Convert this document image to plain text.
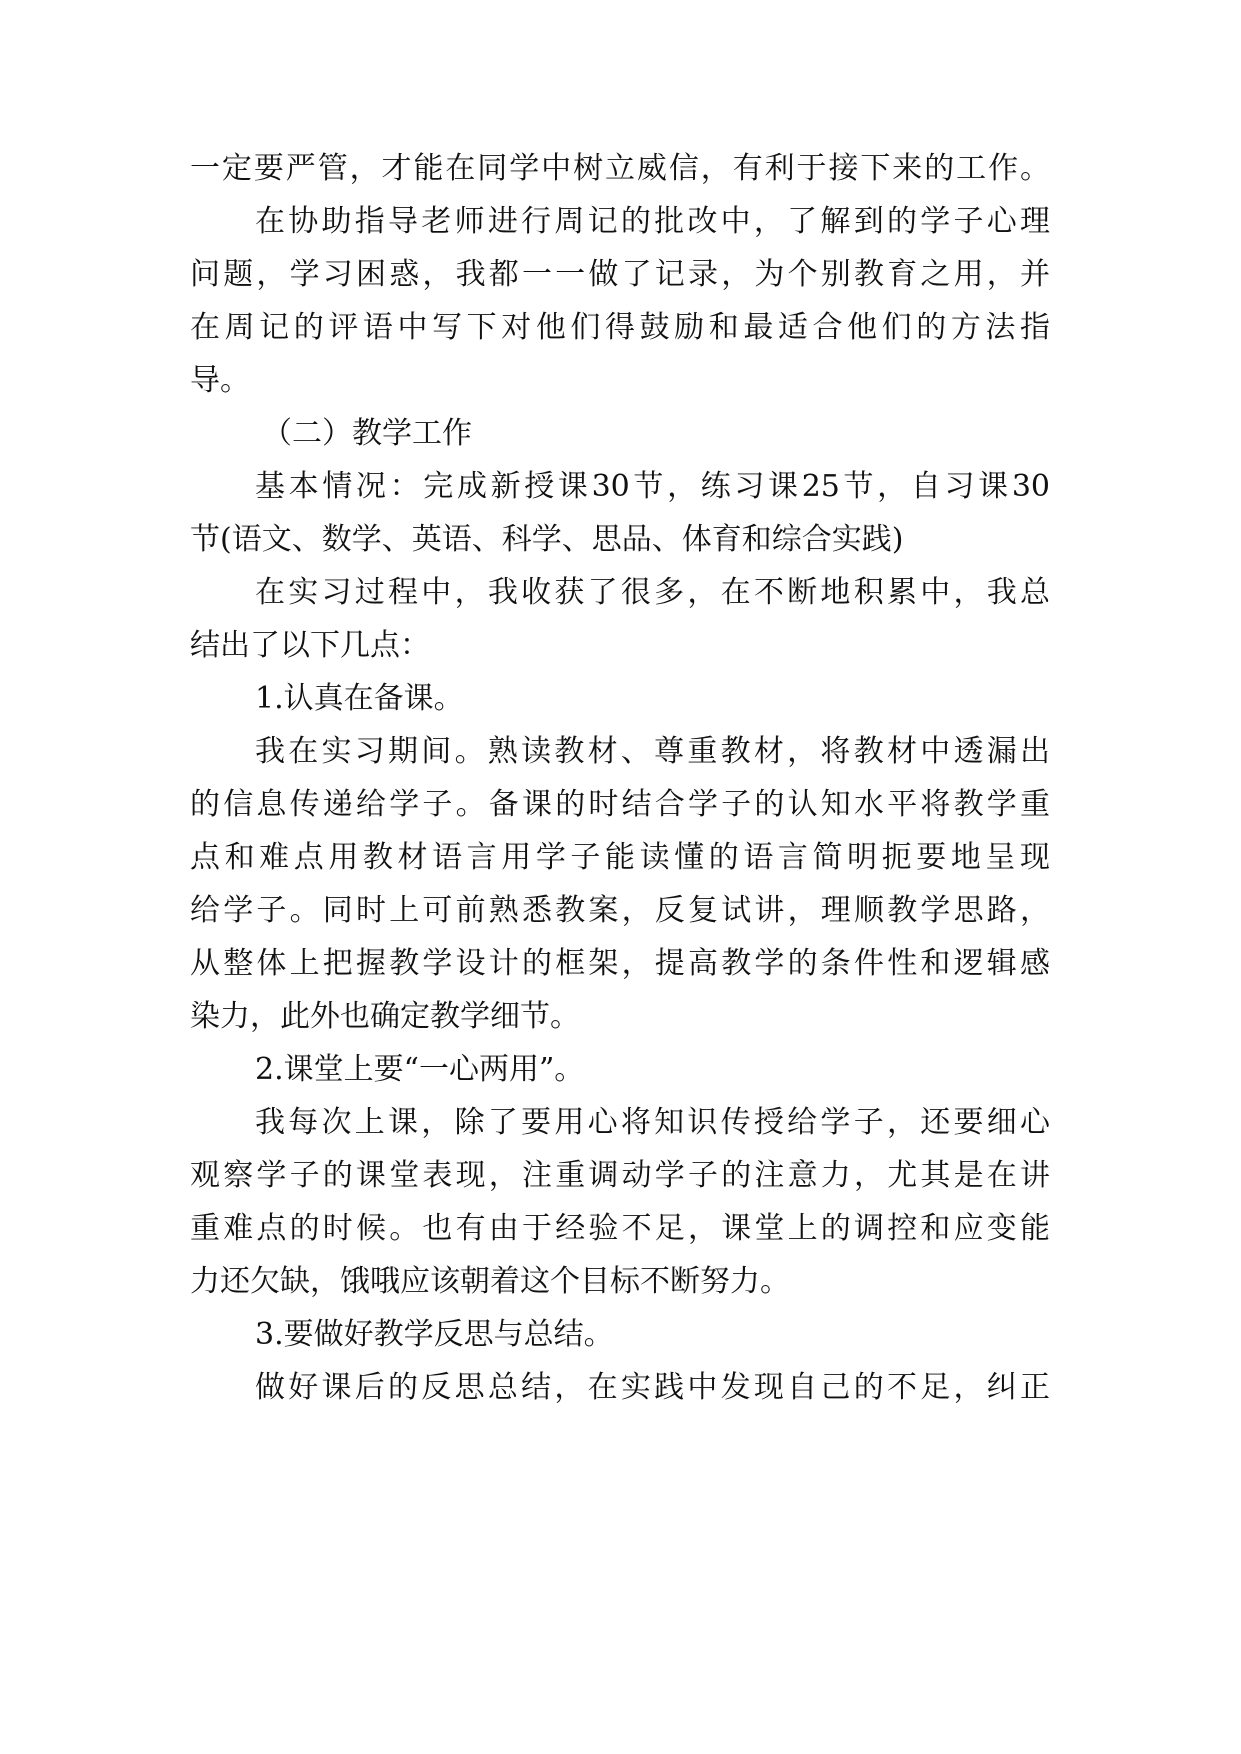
一定要严管，才能在同学中树立威信，有利于接下来的工作。
在协助指导老师进行周记的批改中，了解到的学子心理
问题，学习困惑，我都一一做了记录，为个别教育之用，并
在周记的评语中写下对他们得鼓励和最适合他们的方法指
导。
（二）教学工作
基本情况：完成新授课30节，练习课25节，自习课30
节(语文、数学、英语、科学、思品、体育和综合实践)
在实习过程中，我收获了很多，在不断地积累中，我总
结出了以下几点：
1.认真在备课。
我在实习期间。熟读教材、尊重教材，将教材中透漏出
的信息传递给学子。备课的时结合学子的认知水平将教学重
点和难点用教材语言用学子能读懂的语言简明扼要地呈现
给学子。同时上可前熟悉教案，反复试讲，理顺教学思路，
从整体上把握教学设计的框架，提高教学的条件性和逻辑感
染力，此外也确定教学细节。
2.课堂上要“一心两用”。
我每次上课，除了要用心将知识传授给学子，还要细心
观察学子的课堂表现，注重调动学子的注意力，尤其是在讲
重难点的时候。也有由于经验不足，课堂上的调控和应变能
力还欠缺，饿哦应该朝着这个目标不断努力。
3.要做好教学反思与总结。
做好课后的反思总结，在实践中发现自己的不足，纠正
